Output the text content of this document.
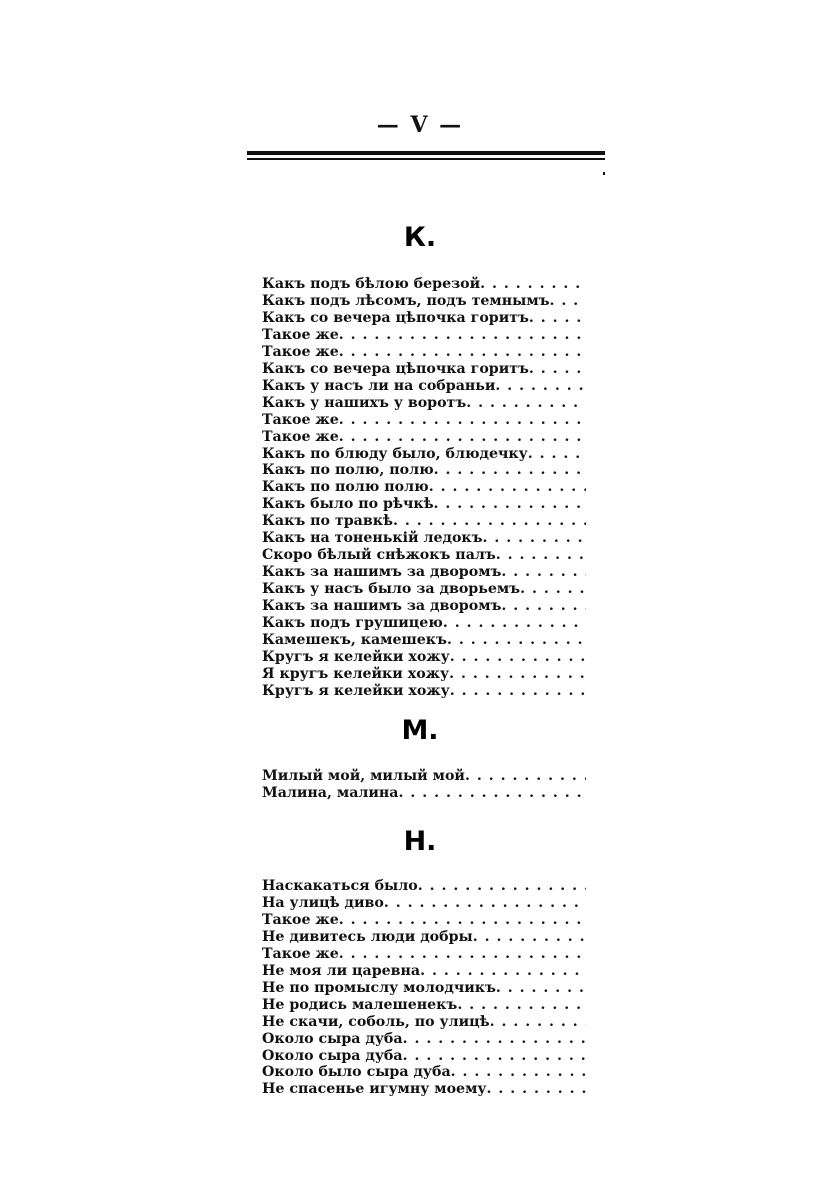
— V —
К.
Какъ подъ бѣлою березой
. . .
Какъ подъ лѣсомъ, подъ темнымъ
. . .
Какъ со вечера цѣпочка горитъ
. . .
Такое же
. . .
Такое же
. . .
Какъ со вечера цѣпочка горитъ
. . .
Какъ у насъ ли на собраньи
. . .
Какъ у нашихъ у воротъ
. . .
Такое же
. . .
Такое же
. . .
Какъ по блюду было, блюдечку
. . .
Какъ по полю, полю
. . .
Какъ по полю полю
. . .
Какъ было по рѣчкѣ
. . .
Какъ по травкѣ
. . .
Какъ на тоненькій ледокъ
. . .
Скоро бѣлый снѣжокъ палъ
. . .
Какъ за нашимъ за дворомъ
. . .
Какъ у насъ было за дворьемъ
. . .
Какъ за нашимъ за дворомъ
. . .
Какъ подъ грушицею
. . .
Камешекъ, камешекъ
. . .
Кругъ я келейки хожу
. . .
Я кругъ келейки хожу
. . .
Кругъ я келейки хожу
. . .
М.
Милый мой, милый мой
. . .
Малина, малина
. . .
Н.
Наскакаться было
. . .
На улицѣ диво
. . .
Такое же
. . .
Не дивитесь люди добры
. . .
Такое же
. . .
Не моя ли царевна
. . .
Не по промыслу молодчикъ
. . .
Не родись малешенекъ
. . .
Не скачи, соболь, по улицѣ
. . .
Около сыра дуба
. . .
Около сыра дуба
. . .
Около было сыра дуба
. . .
Не спасенье игумну моему
. . .
